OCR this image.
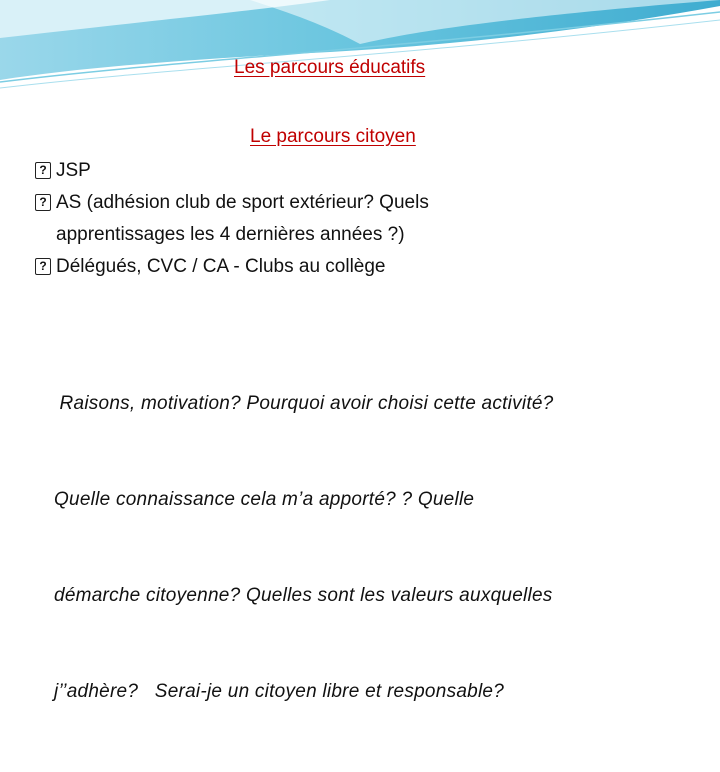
Les parcours éducatifs
Le parcours citoyen
? JSP
? AS (adhésion club de sport extérieur? Quels
apprentissages les 4 dernières années ?)
? Délégués, CVC / CA - Clubs au collège

Raisons, motivation? Pourquoi avoir choisi cette activité?

Quelle connaissance cela m’a apporté? ? Quelle

démarche citoyenne? Quelles sont les valeurs auxquelles

j’’adhère?   Serai-je un citoyen libre et responsable?
